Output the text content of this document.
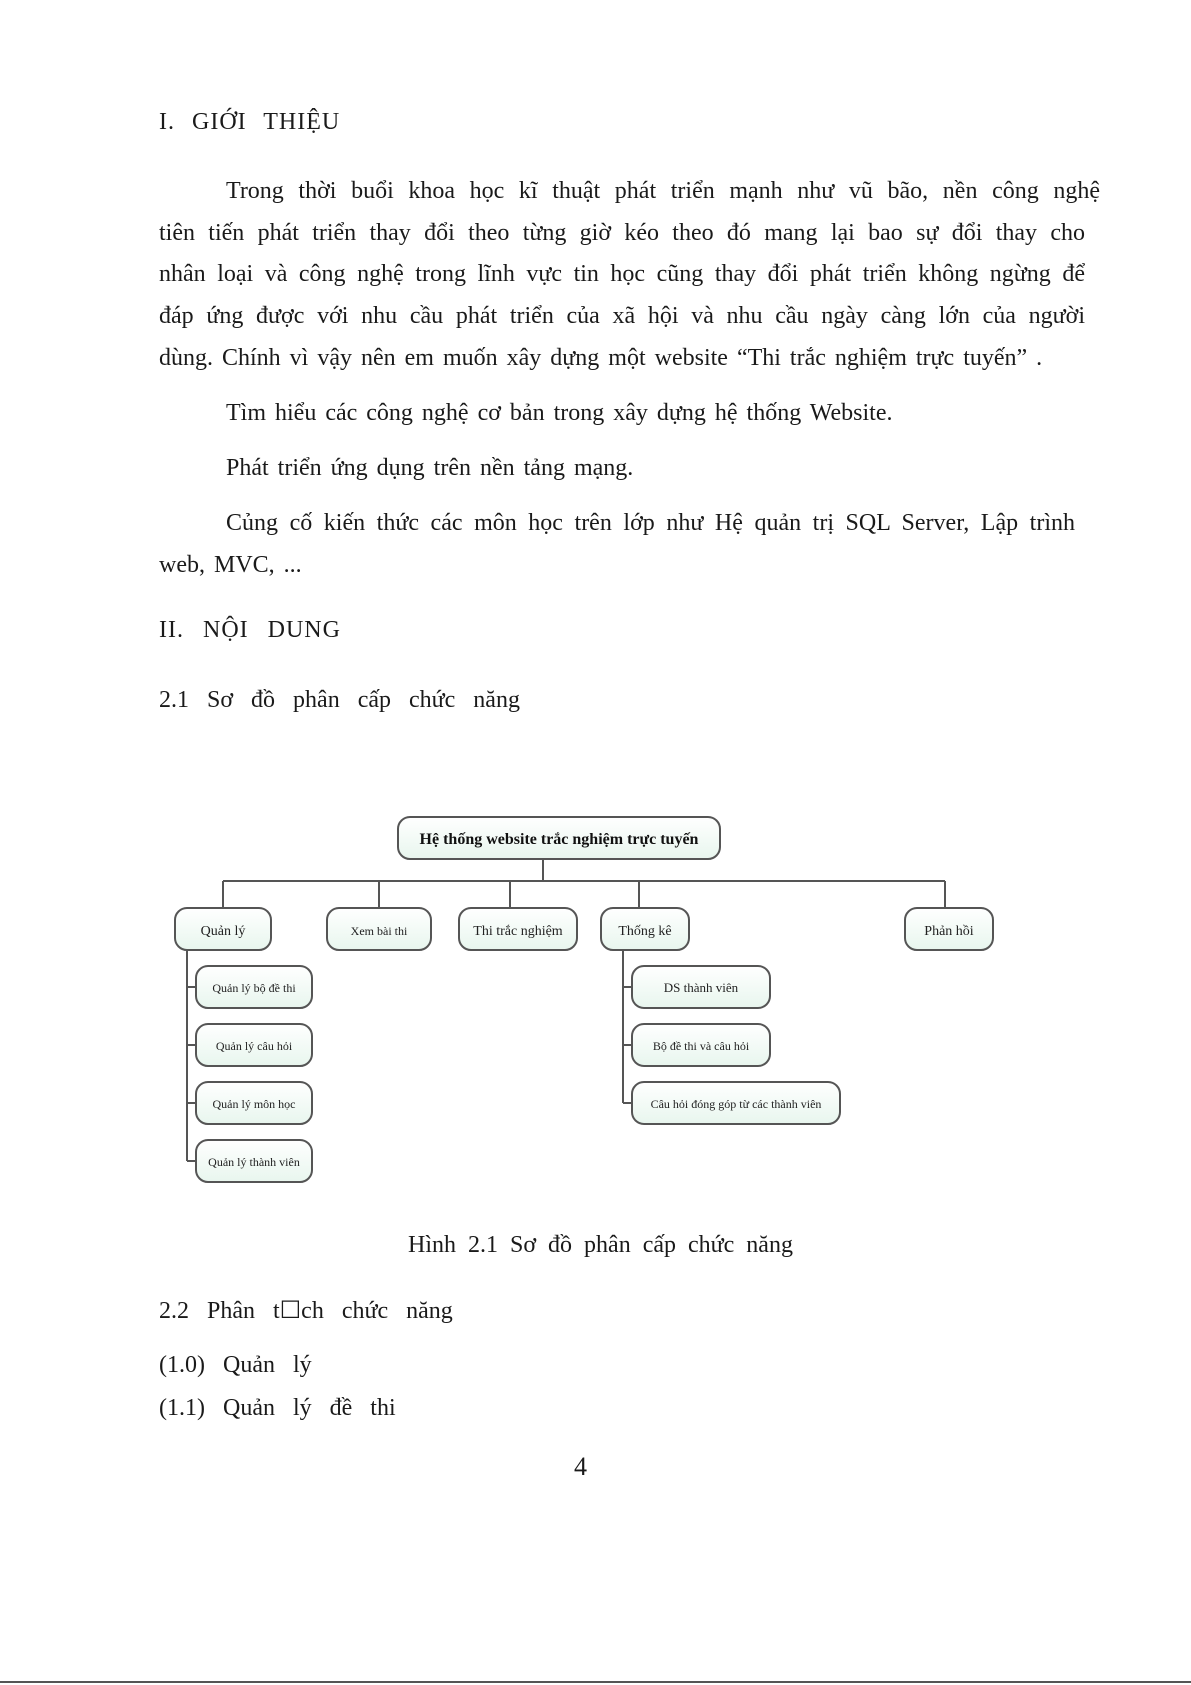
I. GIỚI THIỆU

Trong thời buổi khoa học kĩ thuật phát triển mạnh như vũ bão, nền công nghệ

tiên tiến phát triển thay đổi theo từng giờ kéo theo đó mang lại bao sự đổi thay cho

nhân loại và công nghệ trong lĩnh vực tin học cũng thay đổi phát triển không ngừng để

đáp ứng được với nhu cầu phát triển của xã hội và nhu cầu ngày càng lớn của người

dùng. Chính vì vậy nên em muốn xây dựng một website “Thi trắc nghiệm trực tuyến” .

Tìm hiểu các công nghệ cơ bản trong xây dựng hệ thống Website.

Phát triển ứng dụng trên nền tảng mạng.

Củng cố kiến thức các môn học trên lớp như Hệ quản trị SQL Server, Lập trình

web, MVC, ...

II. NỘI DUNG
2.1 Sơ đồ phân cấp chức năng
Hệ thống website trắc nghiệm trực tuyến
Quản lý	Xem bài thi	Thi trắc nghiệm	Thống kê	Phản hồi
Quản lý bộ đề thi
Quản lý câu hỏi
Quản lý môn học
Quản lý thành viên
DS thành viên
Bộ đề thi và câu hỏi
Câu hỏi đóng góp từ các thành viên
Hình 2.1 Sơ đồ phân cấp chức năng
2.2 Phân t☐ch chức năng
(1.0) Quản lý
(1.1) Quản lý đề thi
4
